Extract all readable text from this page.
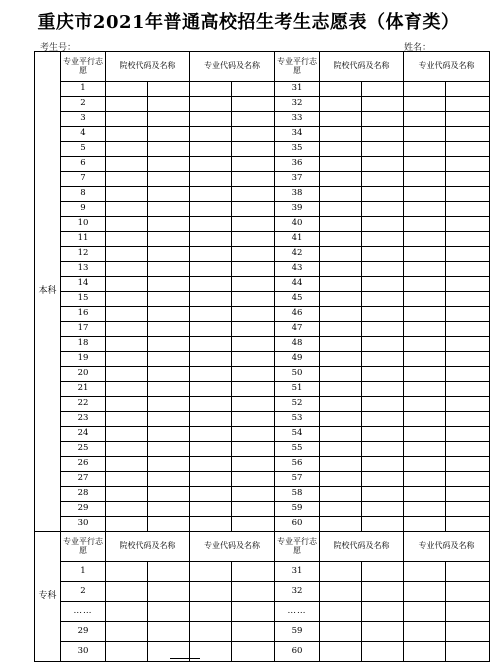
重庆市2021年普通高校招生考生志愿表（体育类）
考生号：	姓名：
本科	专业平行志愿	院校代码及名称		专业代码及名称		专业平行志愿	院校代码及名称		专业代码及名称	
	1					31				
	2					32				
	3					33				
	4					34				
	5					35				
	6					36				
	7					37				
	8					38				
	9					39				
	10					40				
	11					41				
	12					42				
	13					43				
	14					44				
	15					45				
	16					46				
	17					47				
	18					48				
	19					49				
	20					50				
	21					51				
	22					52				
	23					53				
	24					54				
	25					55				
	26					56				
	27					57				
	28					58				
	29					59				
	30					60				
专科	专业平行志愿	院校代码及名称		专业代码及名称		专业平行志愿	院校代码及名称		专业代码及名称	
	1					31				
	2					32				
	……					……				
	29					59				
	30					60				
